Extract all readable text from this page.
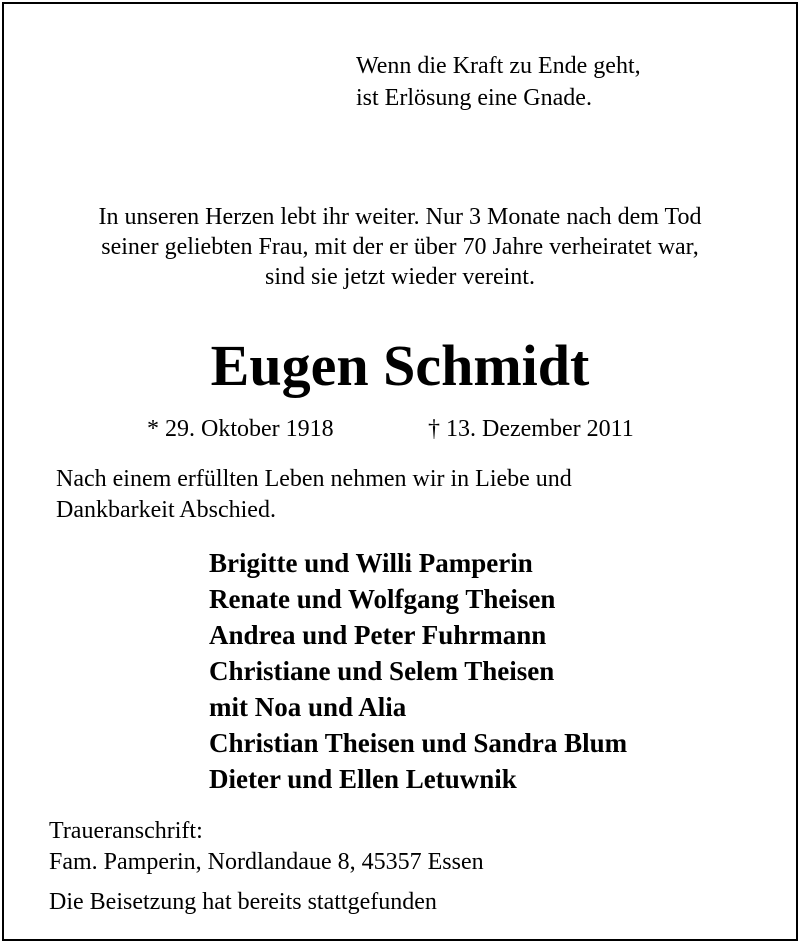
Wenn die Kraft zu Ende geht,
ist Erlösung eine Gnade.
In unseren Herzen lebt ihr weiter. Nur 3 Monate nach dem Tod
seiner geliebten Frau, mit der er über 70 Jahre verheiratet war,
sind sie jetzt wieder vereint.
Eugen Schmidt
* 29. Oktober 1918	† 13. Dezember 2011
Nach einem erfüllten Leben nehmen wir in Liebe und
Dankbarkeit Abschied.
Brigitte und Willi Pamperin
Renate und Wolfgang Theisen
Andrea und Peter Fuhrmann
Christiane und Selem Theisen
mit Noa und Alia
Christian Theisen und Sandra Blum
Dieter und Ellen Letuwnik
Traueranschrift:
Fam. Pamperin, Nordlandaue 8, 45357 Essen
Die Beisetzung hat bereits stattgefunden
